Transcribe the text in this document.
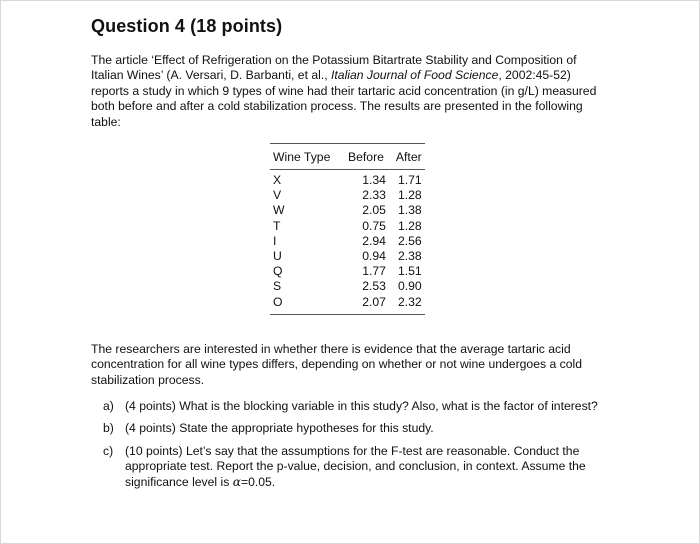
Question 4 (18 points)

The article ‘Effect of Refrigeration on the Potassium Bitartrate Stability and Composition of Italian Wines’ (A. Versari, D. Barbanti, et al., Italian Journal of Food Science, 2002:45-52) reports a study in which 9 types of wine had their tartaric acid concentration (in g/L) measured both before and after a cold stabilization process. The results are presented in the following table:

Wine Type	Before	After
X	1.34	1.71
V	2.33	1.28
W	2.05	1.38
T	0.75	1.28
I	2.94	2.56
U	0.94	2.38
Q	1.77	1.51
S	2.53	0.90
O	2.07	2.32

The researchers are interested in whether there is evidence that the average tartaric acid concentration for all wine types differs, depending on whether or not wine undergoes a cold stabilization process.

a) (4 points) What is the blocking variable in this study? Also, what is the factor of interest?
b) (4 points) State the appropriate hypotheses for this study.
c) (10 points) Let’s say that the assumptions for the F-test are reasonable. Conduct the appropriate test. Report the p-value, decision, and conclusion, in context. Assume the significance level is α=0.05.
